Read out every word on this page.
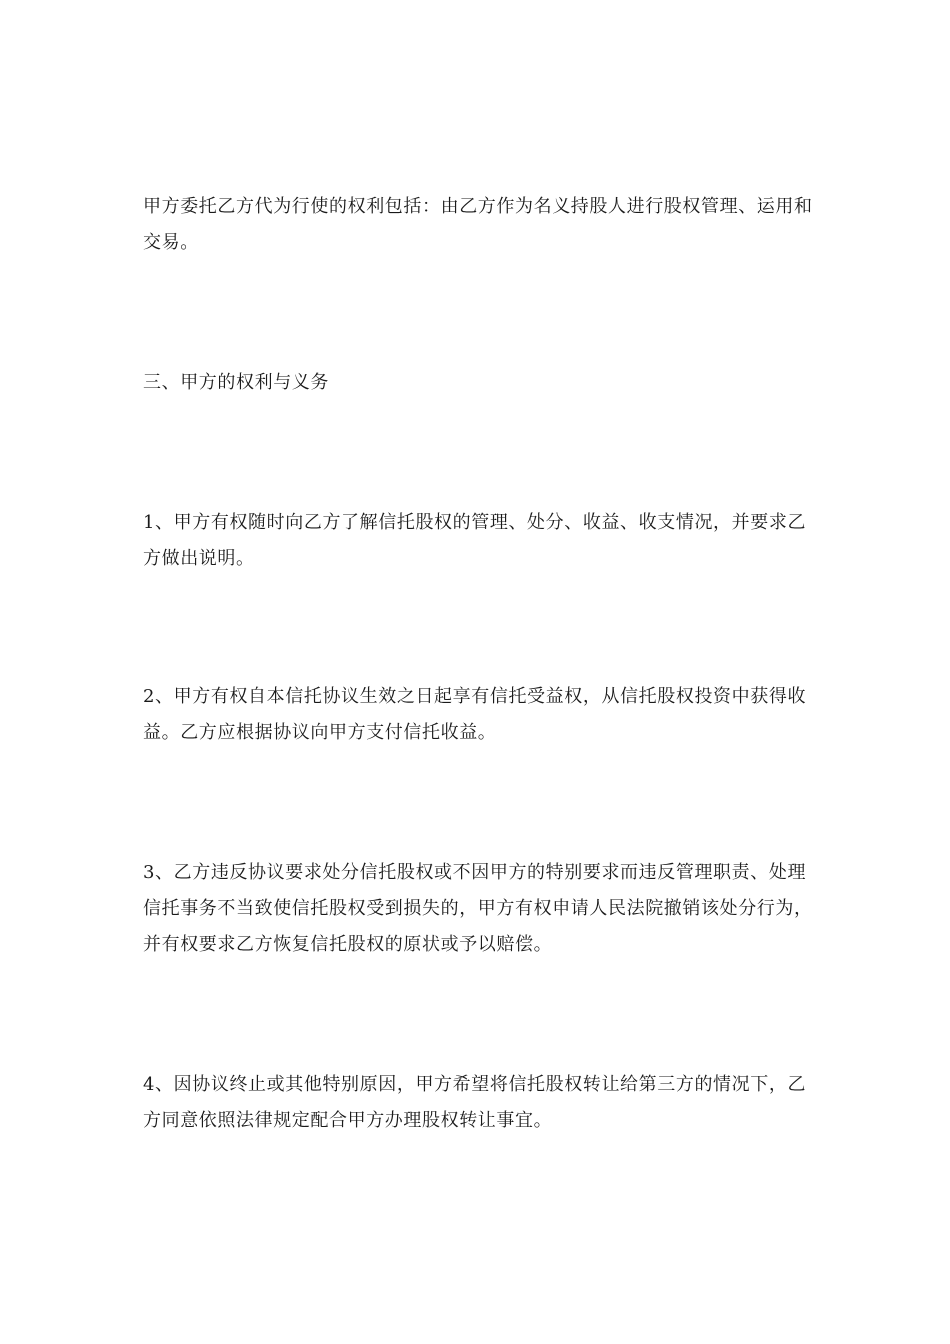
甲方委托乙方代为行使的权利包括：由乙方作为名义持股人进行股权管理、运用和交易。

三、甲方的权利与义务

1、甲方有权随时向乙方了解信托股权的管理、处分、收益、收支情况，并要求乙方做出说明。

2、甲方有权自本信托协议生效之日起享有信托受益权，从信托股权投资中获得收益。乙方应根据协议向甲方支付信托收益。

3、乙方违反协议要求处分信托股权或不因甲方的特别要求而违反管理职责、处理信托事务不当致使信托股权受到损失的，甲方有权申请人民法院撤销该处分行为，并有权要求乙方恢复信托股权的原状或予以赔偿。

4、因协议终止或其他特别原因，甲方希望将信托股权转让给第三方的情况下，乙方同意依照法律规定配合甲方办理股权转让事宜。
